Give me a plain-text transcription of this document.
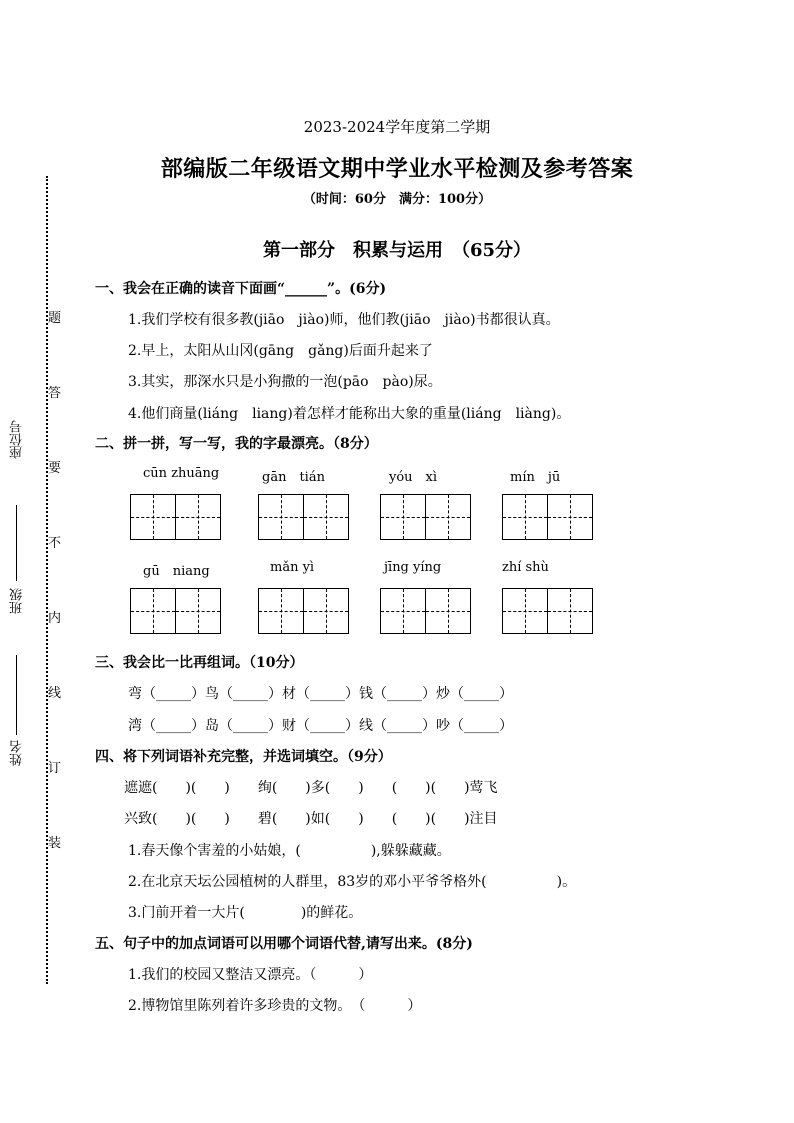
座位号
班级
姓名
装
订
线
内
不
要
答
题
2023-2024学年度第二学期
部编版二年级语文期中学业水平检测及参考答案
（时间：60分　满分：100分）
第一部分　积累与运用　（65分）
一、我会在正确的读音下面画“______”。(6分)
1.我们学校有很多教(jiāo　jiào)师，他们教(jiāo　jiào)书都很认真。
2.早上，太阳从山冈(gāng　gǎng)后面升起来了
3.其实，那深水只是小狗撒的一泡(pāo　pào)尿。
4.他们商量(liáng　liang)着怎样才能称出大象的重量(liáng　liàng)。
二、拼一拼，写一写，我的字最漂亮。（8分）
cūn zhuāng	gān　tián	yóu　xì	mín　jū
gū　niang	mǎn yì	jīng yíng	zhí shù
三、我会比一比再组词。（10分）
弯（_____）鸟（_____）材（_____）钱（_____）炒（_____）
湾（_____）岛（_____）财（_____）线（_____）吵（_____）
四、将下列词语补充完整，并选词填空。（9分）
遮遮(　　)(　　)　　绚(　　)多(　　)　　(　　)(　　)莺飞
兴致(　　)(　　)　　碧(　　)如(　　)　　(　　)(　　)注目
1.春天像个害羞的小姑娘，(　　　　　),躲躲藏藏。
2.在北京天坛公园植树的人群里，83岁的邓小平爷爷格外(　　　　　)。
3.门前开着一大片(　　　　)的鲜花。
五、句子中的加点词语可以用哪个词语代替,请写出来。(8分)
1.我们的校园又整洁又漂亮。（　　　）
2.博物馆里陈列着许多珍贵的文物。　（　　　）
